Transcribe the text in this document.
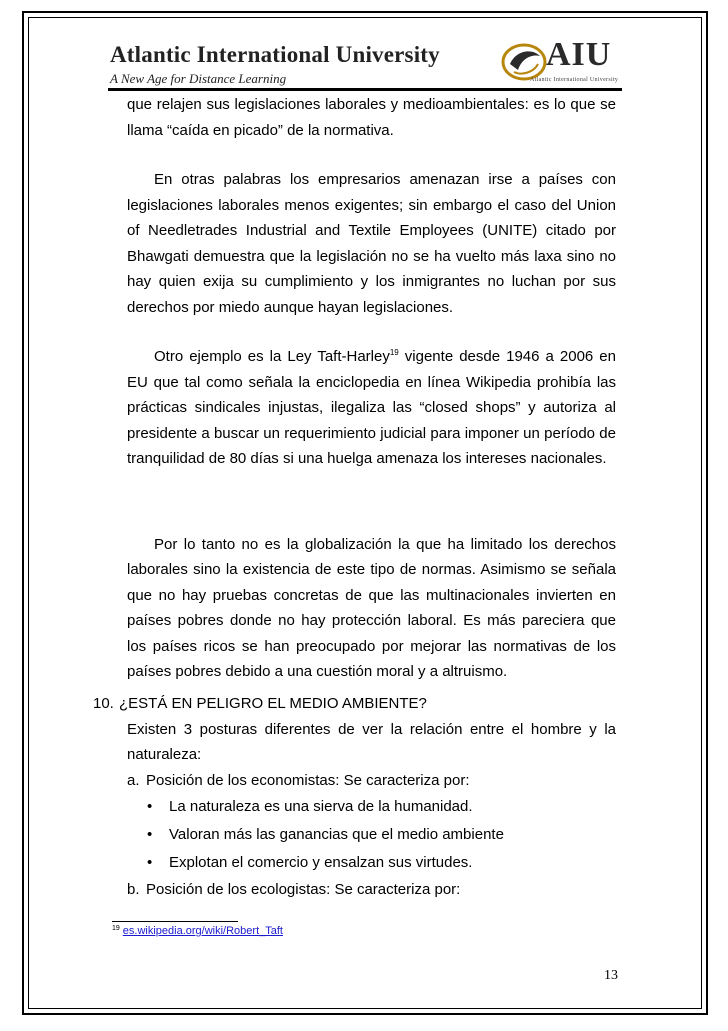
Atlantic International University
A New Age for Distance Learning
AIU
Atlantic International University

que relajen sus legislaciones laborales y medioambientales: es lo que se llama “caída en picado” de la normativa.

En otras palabras los empresarios amenazan irse a países con legislaciones laborales menos exigentes; sin embargo el caso del Union of Needletrades Industrial and Textile Employees (UNITE) citado por Bhawgati demuestra que la legislación no se ha vuelto más laxa sino no hay quien exija su cumplimiento y los inmigrantes no luchan por sus derechos por miedo aunque hayan legislaciones.

Otro ejemplo es la Ley Taft-Harley$^{19}$ vigente desde 1946 a 2006 en EU que tal como señala la enciclopedia en línea Wikipedia prohibía las prácticas sindicales injustas, ilegaliza las “closed shops” y autoriza al presidente a buscar un requerimiento judicial para imponer un período de tranquilidad de 80 días si una huelga amenaza los intereses nacionales.

Por lo tanto no es la globalización la que ha limitado los derechos laborales sino la existencia de este tipo de normas. Asimismo se señala que no hay pruebas concretas de que las multinacionales invierten en países pobres donde no hay protección laboral. Es más pareciera que los países ricos se han preocupado por mejorar las normativas de los países pobres debido a una cuestión moral y a altruismo.

10. ¿ESTÁ EN PELIGRO EL MEDIO AMBIENTE?

Existen 3 posturas diferentes de ver la relación entre el hombre y la naturaleza:

a. Posición de los economistas: Se caracteriza por:
• La naturaleza es una sierva de la humanidad.
• Valoran más las ganancias que el medio ambiente
• Explotan el comercio y ensalzan sus virtudes.
b. Posición de los ecologistas: Se caracteriza por:
$^{19}$ es.wikipedia.org/wiki/Robert_Taft
13
